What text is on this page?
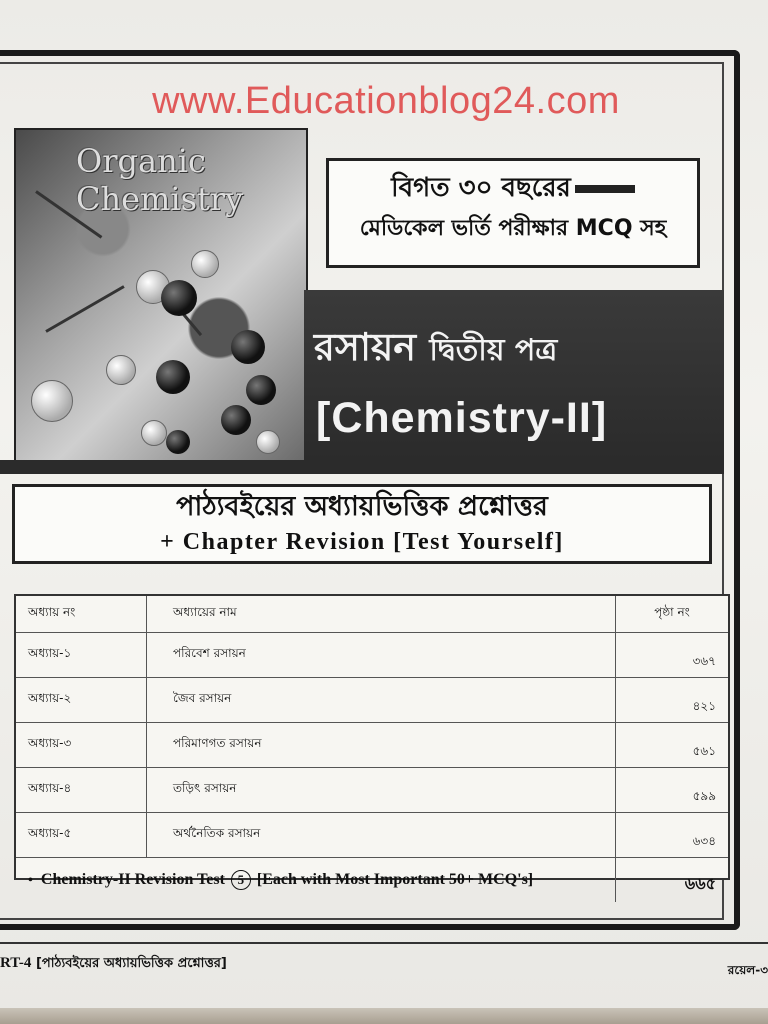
www.Educationblog24.com
Organic
Chemistry	বিগত ৩০ বছরের
মেডিকেল ভর্তি পরীক্ষার MCQ সহ
রসায়ন দ্বিতীয় পত্র
[Chemistry-II]
পাঠ্যবইয়ের অধ্যায়ভিত্তিক প্রশ্নোত্তর
+ Chapter Revision [Test Yourself]
অধ্যায় নং	অধ্যায়ের নাম	পৃষ্ঠা নং
অধ্যায়-১	পরিবেশ রসায়ন	৩৬৭
অধ্যায়-২	জৈব রসায়ন	৪২১
অধ্যায়-৩	পরিমাণগত রসায়ন	৫৬১
অধ্যায়-৪	তড়িৎ রসায়ন	৫৯৯
অধ্যায়-৫	অর্থনৈতিক রসায়ন	৬৩৪
• Chemistry-II Revision Test 5 [Each with Most Important 50+ MCQ's]		৬৬৫
RT-4 [পাঠ্যবইয়ের অধ্যায়ভিত্তিক প্রশ্নোত্তর]	রয়েল-৩
